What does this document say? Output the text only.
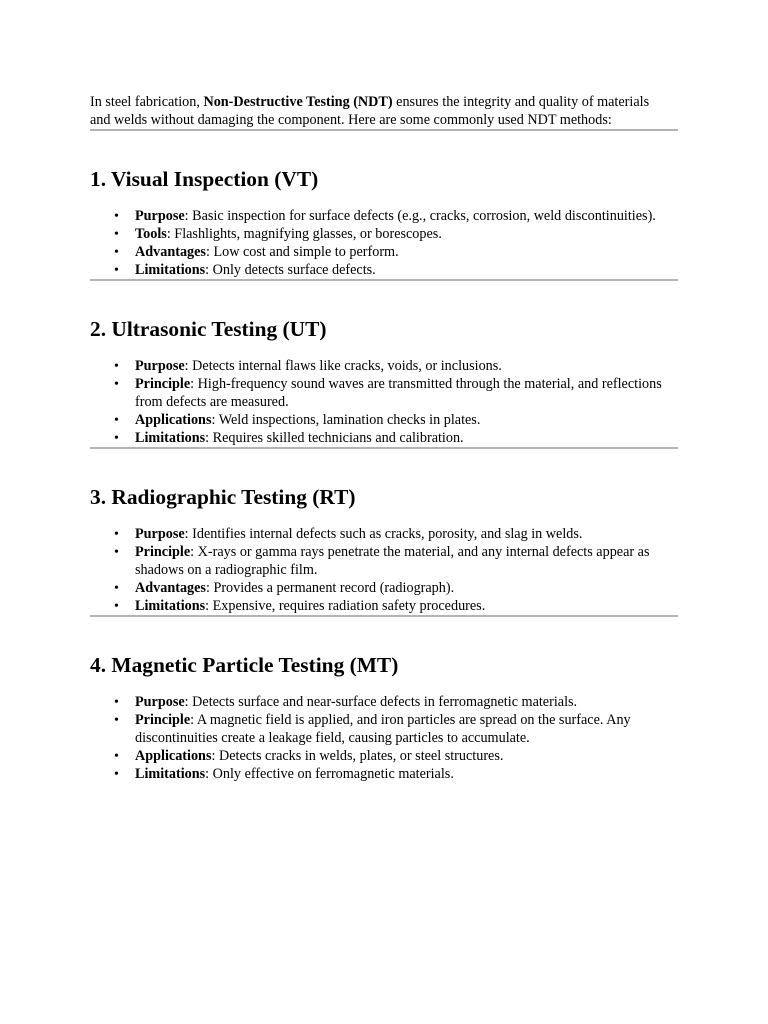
In steel fabrication, Non-Destructive Testing (NDT) ensures the integrity and quality of materials and welds without damaging the component. Here are some commonly used NDT methods:

1. Visual Inspection (VT)
• Purpose: Basic inspection for surface defects (e.g., cracks, corrosion, weld discontinuities).
• Tools: Flashlights, magnifying glasses, or borescopes.
• Advantages: Low cost and simple to perform.
• Limitations: Only detects surface defects.
2. Ultrasonic Testing (UT)
• Purpose: Detects internal flaws like cracks, voids, or inclusions.
• Principle: High-frequency sound waves are transmitted through the material, and reflections from defects are measured.
• Applications: Weld inspections, lamination checks in plates.
• Limitations: Requires skilled technicians and calibration.
3. Radiographic Testing (RT)
• Purpose: Identifies internal defects such as cracks, porosity, and slag in welds.
• Principle: X-rays or gamma rays penetrate the material, and any internal defects appear as shadows on a radiographic film.
• Advantages: Provides a permanent record (radiograph).
• Limitations: Expensive, requires radiation safety procedures.
4. Magnetic Particle Testing (MT)
• Purpose: Detects surface and near-surface defects in ferromagnetic materials.
• Principle: A magnetic field is applied, and iron particles are spread on the surface. Any discontinuities create a leakage field, causing particles to accumulate.
• Applications: Detects cracks in welds, plates, or steel structures.
• Limitations: Only effective on ferromagnetic materials.
